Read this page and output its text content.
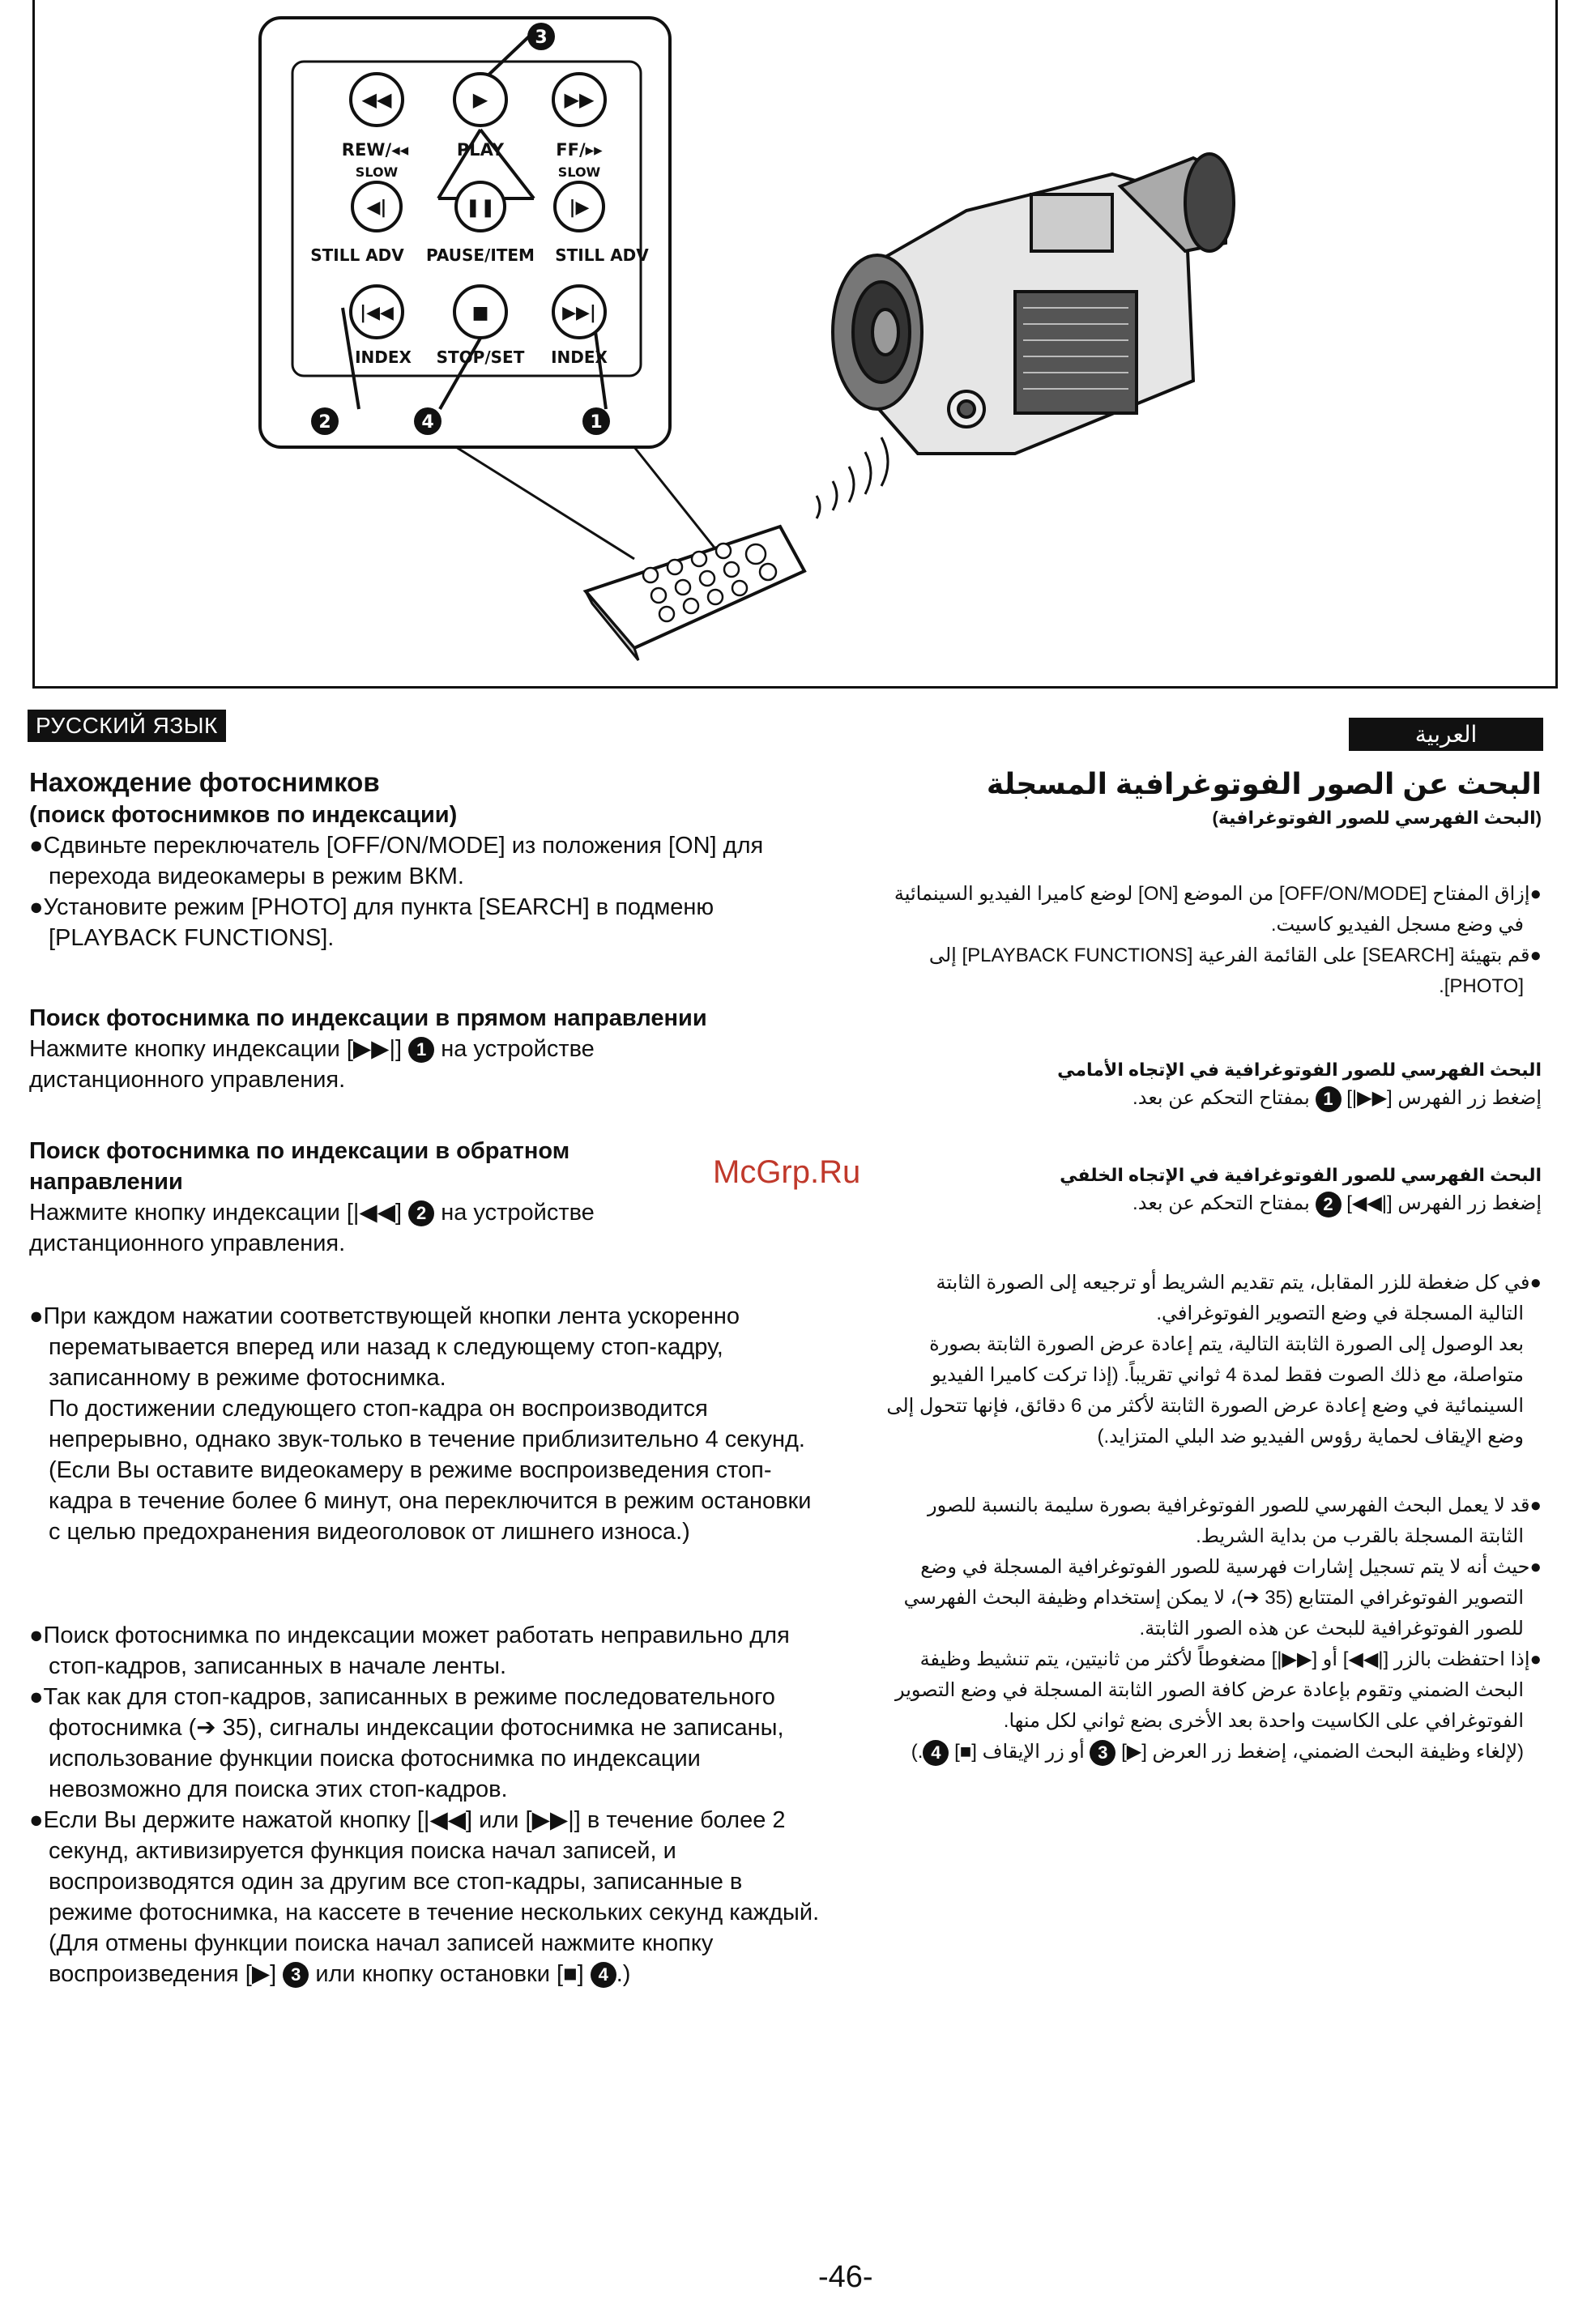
◀◀	▶	▶▶
◀|	❚❚	|▶
|◀◀	■	▶▶|
REW/◂◂	PLAY	FF/▸▸
SLOW	SLOW
STILL ADV PAUSE/ITEM STILL ADV
INDEX STOP/SET INDEX
3
2	4	1
РУССКИЙ ЯЗЫК	العربية
McGrp.Ru
Нахождение фотоснимков

(поиск фотоснимков по индексации)

●Сдвиньте переключатель [OFF/ON/MODE] из положения [ON] для перехода видеокамеры в режим ВКМ.

●Установите режим [PHOTO] для пункта [SEARCH] в подменю [PLAYBACK FUNCTIONS].

Поиск фотоснимка по индексации в прямом направлении

Нажмите кнопку индексации [▶▶|] 1 на устройстве дистанционного управления.

Поиск фотоснимка по индексации в обратном направлении

Нажмите кнопку индексации [|◀◀] 2 на устройстве дистанционного управления.

●При каждом нажатии соответствующей кнопки лента ускоренно перематывается вперед или назад к следующему стоп-кадру, записанному в режиме фотоснимка.

По достижении следующего стоп-кадра он воспроизводится непрерывно, однако звук-только в течение приблизительно 4 секунд. (Если Вы оставите видеокамеру в режиме воспроизведения стоп-кадра в течение более 6 минут, она переключится в режим остановки с целью предохранения видеоголовок от лишнего износа.)

●Поиск фотоснимка по индексации может работать неправильно для стоп-кадров, записанных в начале ленты.

●Так как для стоп-кадров, записанных в режиме последовательного фотоснимка (➔ 35), сигналы индексации фотоснимка не записаны, использование функции поиска фотоснимка по индексации невозможно для поиска этих стоп-кадров.

●Если Вы держите нажатой кнопку [|◀◀] или [▶▶|] в течение более 2 секунд, активизируется функция поиска начал записей, и воспроизводятся один за другим все стоп-кадры, записанные в режиме фотоснимка, на кассете в течение нескольких секунд каждый.

(Для отмены функции поиска начал записей нажмите кнопку воспроизведения [▶] 3 или кнопку остановки [■] 4 .)

البحث عن الصور الفوتوغرافية المسجلة

(البحث الفهرسي للصور الفوتوغرافية)

●إزاق المفتاح [OFF/ON/MODE] من الموضع [ON] لوضع كاميرا الفيديو السينمائية في وضع مسجل الفيديو كاسيت.

●قم بتهيئة [SEARCH] على القائمة الفرعية [PLAYBACK FUNCTIONS] إلى [PHOTO].

البحث الفهرسي للصور الفوتوغرافية في الإتجاه الأمامي

إضغط زر الفهرس [▶▶|] 1 بمفتاح التحكم عن بعد.

البحث الفهرسي للصور الفوتوغرافية في الإتجاه الخلفي

إضغط زر الفهرس [|◀◀] 2 بمفتاح التحكم عن بعد.

●في كل ضغطة للزر المقابل، يتم تقديم الشريط أو ترجيعه إلى الصورة الثابتة التالية المسجلة في وضع التصوير الفوتوغرافي.

بعد الوصول إلى الصورة الثابتة التالية، يتم إعادة عرض الصورة الثابتة بصورة متواصلة، مع ذلك الصوت فقط لمدة 4 ثواني تقريباً. (إذا تركت كاميرا الفيديو السينمائية في وضع إعادة عرض الصورة الثابتة لأكثر من 6 دقائق، فإنها تتحول إلى وضع الإيقاف لحماية رؤوس الفيديو ضد البلي المتزايد.)

●قد لا يعمل البحث الفهرسي للصور الفوتوغرافية بصورة سليمة بالنسبة للصور الثابتة المسجلة بالقرب من بداية الشريط.

●حيث أنه لا يتم تسجيل إشارات فهرسية للصور الفوتوغرافية المسجلة في وضع التصوير الفوتوغرافي المتتابع (35 ➔)، لا يمكن إستخدام وظيفة البحث الفهرسي للصور الفوتوغرافية للبحث عن هذه الصور الثابتة.

●إذا احتفظت بالزر [|◀◀] أو [▶▶|] مضغوطاً لأكثر من ثانيتين، يتم تنشيط وظيفة البحث الضمني وتقوم بإعادة عرض كافة الصور الثابتة المسجلة في وضع التصوير الفوتوغرافي على الكاسيت واحدة بعد الأخرى بضع ثواني لكل منها.

(لإلغاء وظيفة البحث الضمني، إضغط زر العرض [▶] 3 أو زر الإيقاف [■] 4.)

-46-
